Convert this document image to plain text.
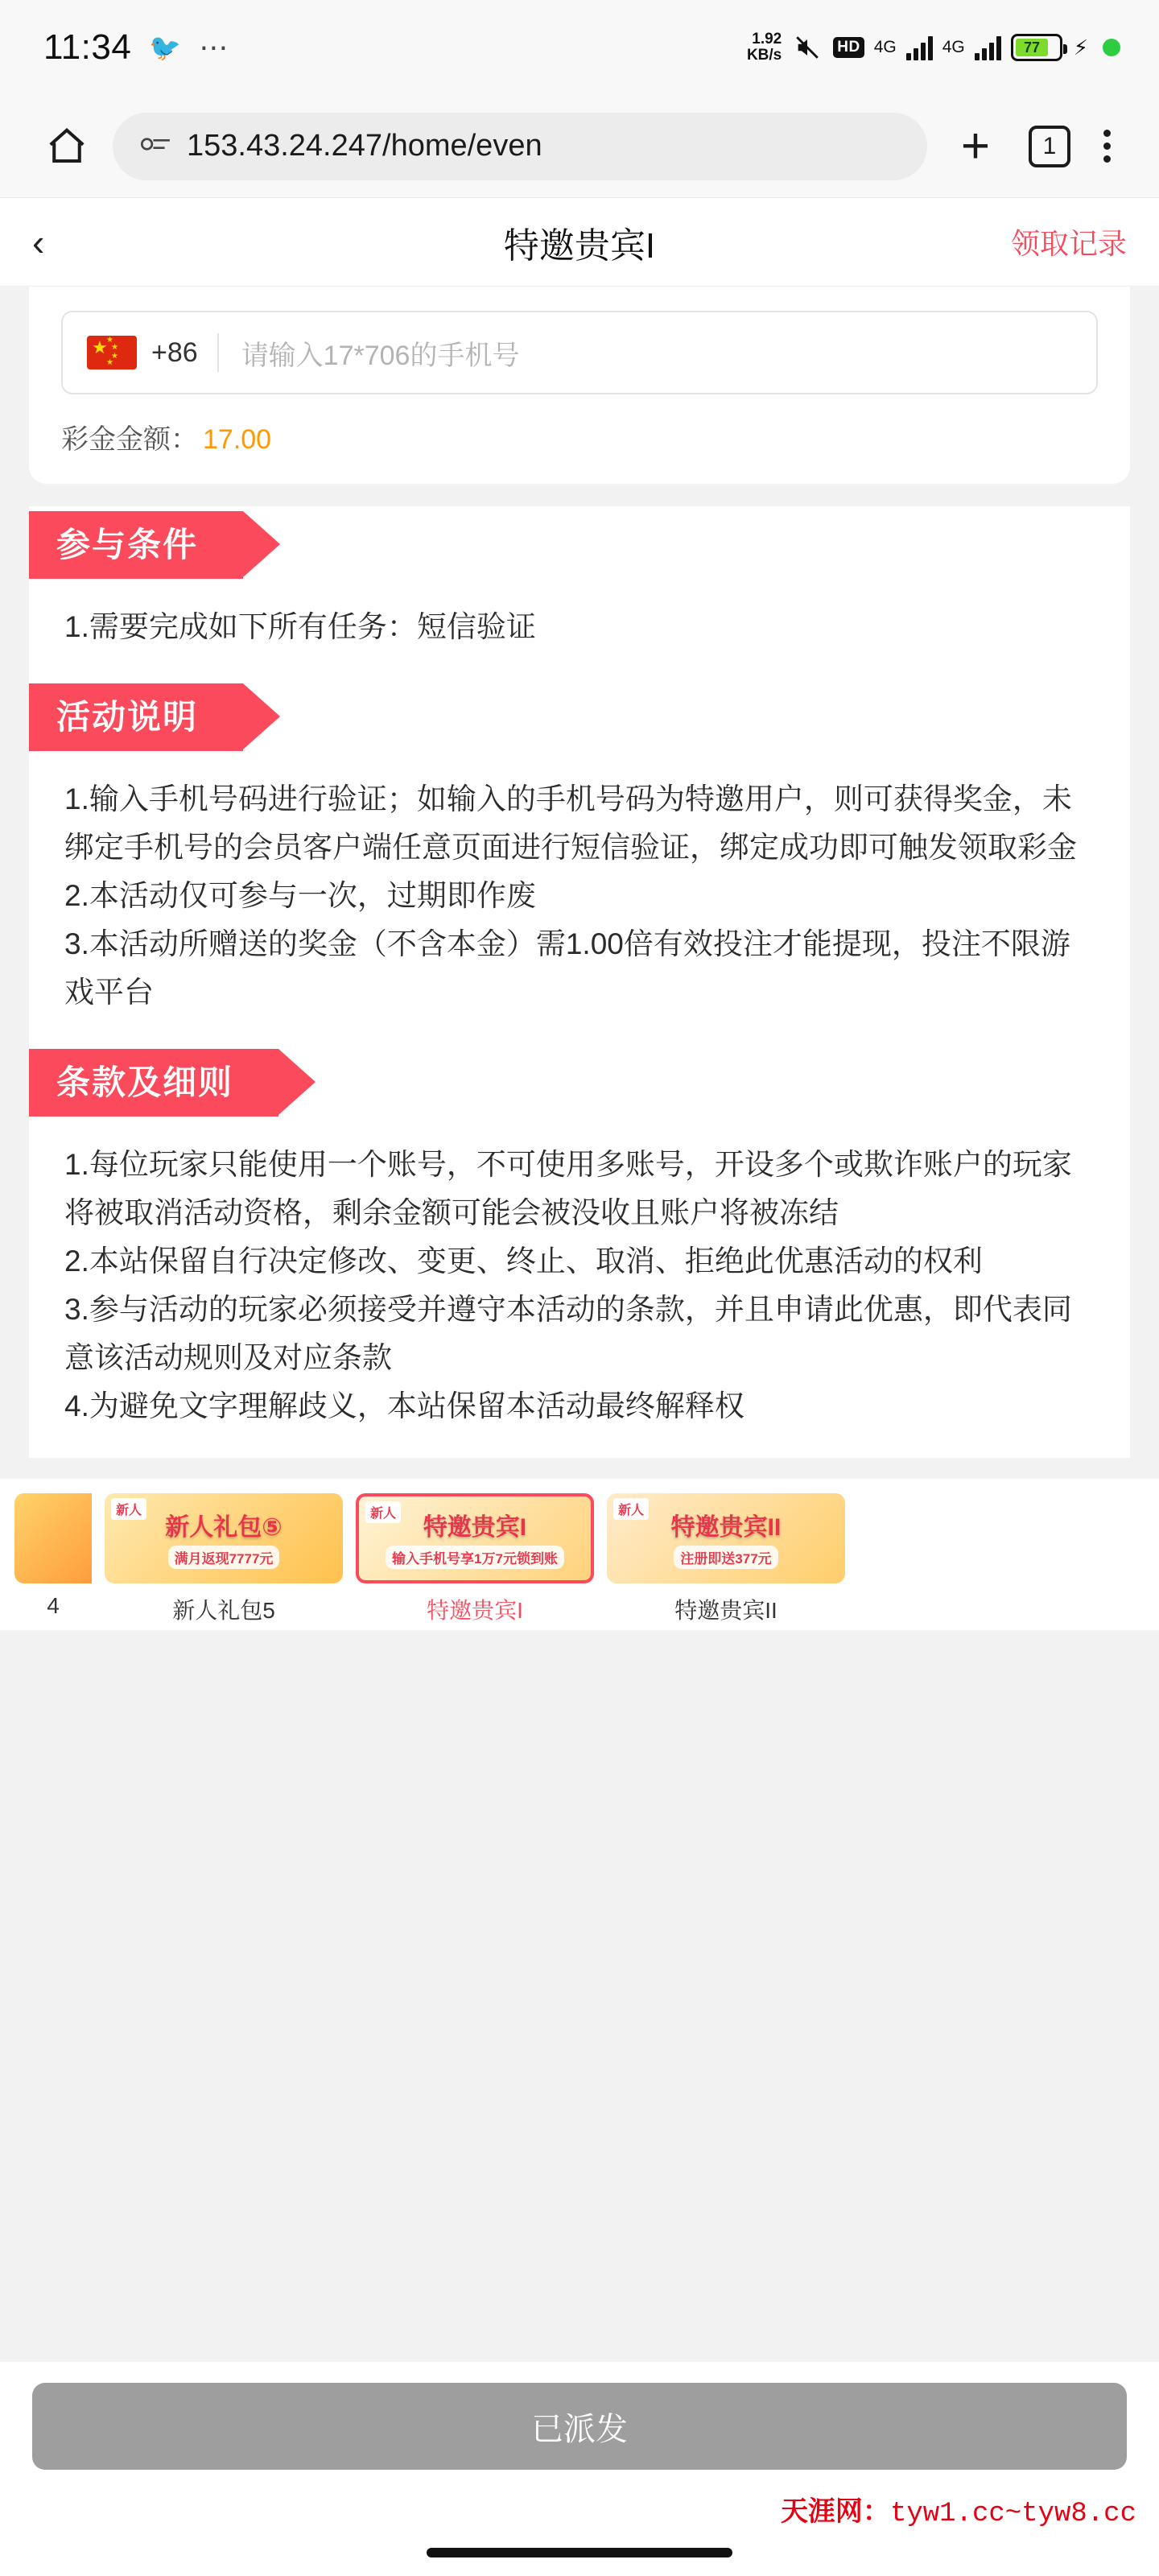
11:34 🐦 ⋯	1.92
KB/s	HD 4G	4G	77	⚡
153.43.24.247/home/even	+	1
‹	特邀贵宾I	领取记录
★
★
★
★
★ +86 请输入17*706的手机号
彩金金额： 17.00
参与条件

1.需要完成如下所有任务：短信验证

活动说明

1.输入手机号码进行验证；如输入的手机号码为特邀用户，则可获得奖金，未绑定手机号的会员客户端任意页面进行短信验证，绑定成功即可触发领取彩金

2.本活动仅可参与一次，过期即作废

3.本活动所赠送的奖金（不含本金）需1.00倍有效投注才能提现，投注不限游戏平台

条款及细则

1.每位玩家只能使用一个账号，不可使用多账号，开设多个或欺诈账户的玩家将被取消活动资格，剩余金额可能会被没收且账户将被冻结

2.本站保留自行决定修改、变更、终止、取消、拒绝此优惠活动的权利

3.参与活动的玩家必须接受并遵守本活动的条款，并且申请此优惠，即代表同意该活动规则及对应条款

4.为避免文字理解歧义，本站保留本活动最终解释权

4
新人
新人礼包⑤
满月返现7777元
新人礼包5
新人
特邀贵宾I
输入手机号享1万7元锁到账
特邀贵宾I
新人
特邀贵宾II
注册即送377元
特邀贵宾II
已派发
天涯网：tyw1.cc~tyw8.cc
